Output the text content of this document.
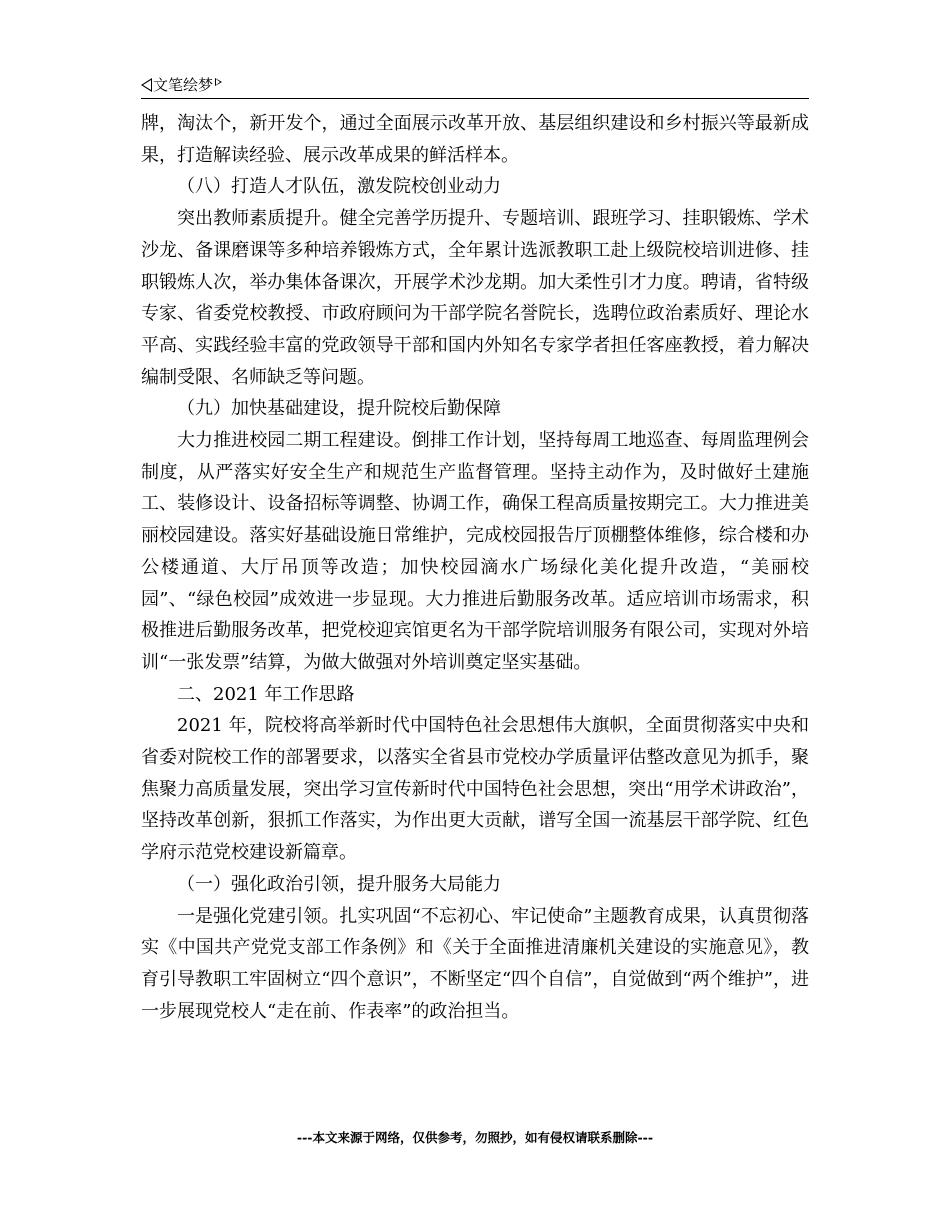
文笔绘梦

牌，淘汰个，新开发个，通过全面展示改革开放、基层组织建设和乡村振兴等最新成果，打造解读经验、展示改革成果的鲜活样本。

（八）打造人才队伍，激发院校创业动力

突出教师素质提升。健全完善学历提升、专题培训、跟班学习、挂职锻炼、学术沙龙、备课磨课等多种培养锻炼方式，全年累计选派教职工赴上级院校培训进修、挂职锻炼人次，举办集体备课次，开展学术沙龙期。加大柔性引才力度。聘请，省特级专家、省委党校教授、市政府顾问为干部学院名誉院长，选聘位政治素质好、理论水平高、实践经验丰富的党政领导干部和国内外知名专家学者担任客座教授，着力解决编制受限、名师缺乏等问题。

（九）加快基础建设，提升院校后勤保障

大力推进校园二期工程建设。倒排工作计划，坚持每周工地巡查、每周监理例会制度，从严落实好安全生产和规范生产监督管理。坚持主动作为，及时做好土建施工、装修设计、设备招标等调整、协调工作，确保工程高质量按期完工。大力推进美丽校园建设。落实好基础设施日常维护，完成校园报告厅顶棚整体维修，综合楼和办公楼通道、大厅吊顶等改造；加快校园滴水广场绿化美化提升改造，“美丽校园”、“绿色校园”成效进一步显现。大力推进后勤服务改革。适应培训市场需求，积极推进后勤服务改革，把党校迎宾馆更名为干部学院培训服务有限公司，实现对外培训“一张发票”结算，为做大做强对外培训奠定坚实基础。

二、2021 年工作思路

2021 年，院校将高举新时代中国特色社会思想伟大旗帜，全面贯彻落实中央和省委对院校工作的部署要求，以落实全省县市党校办学质量评估整改意见为抓手，聚焦聚力高质量发展，突出学习宣传新时代中国特色社会思想，突出“用学术讲政治”，坚持改革创新，狠抓工作落实，为作出更大贡献，谱写全国一流基层干部学院、红色学府示范党校建设新篇章。

（一）强化政治引领，提升服务大局能力

一是强化党建引领。扎实巩固“不忘初心、牢记使命”主题教育成果，认真贯彻落实《中国共产党党支部工作条例》和《关于全面推进清廉机关建设的实施意见》，教育引导教职工牢固树立“四个意识”，不断坚定“四个自信”，自觉做到“两个维护”，进一步展现党校人“走在前、作表率”的政治担当。

---本文来源于网络，仅供参考，勿照抄，如有侵权请联系删除---
